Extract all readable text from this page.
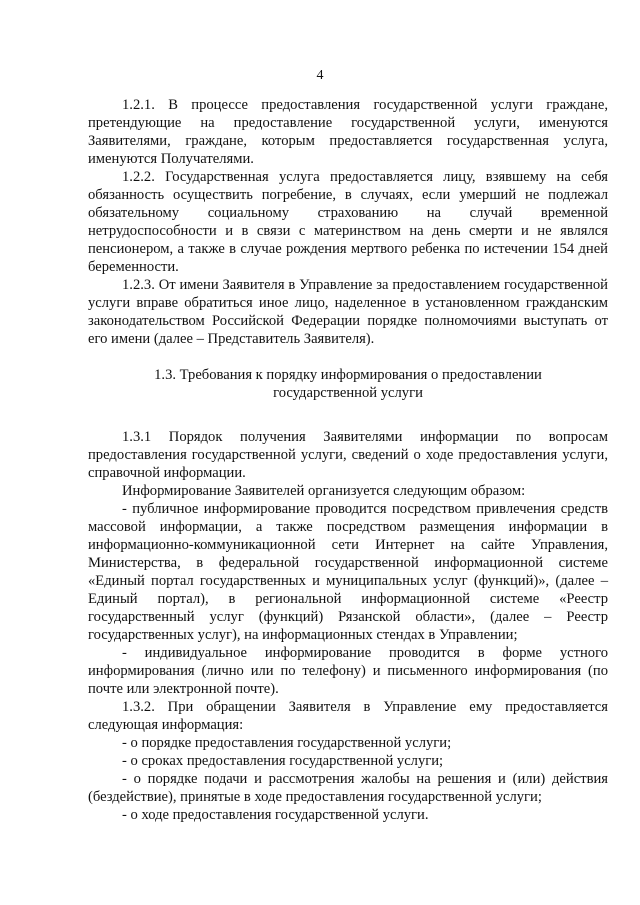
4

1.2.1. В процессе предоставления государственной услуги граждане, претендующие на предоставление государственной услуги, именуются Заявителями, граждане, которым предоставляется государственная услуга, именуются Получателями.

1.2.2. Государственная услуга предоставляется лицу, взявшему на себя обязанность осуществить погребение, в случаях, если умерший не подлежал обязательному социальному страхованию на случай временной нетрудоспособности и в связи с материнством на день смерти и не являлся пенсионером, а также в случае рождения мертвого ребенка по истечении 154 дней беременности.

1.2.3. От имени Заявителя в Управление за предоставлением государственной услуги вправе обратиться иное лицо, наделенное в установленном гражданским законодательством Российской Федерации порядке полномочиями выступать от его имени (далее – Представитель Заявителя).

1.3. Требования к порядку информирования о предоставлении государственной услуги

1.3.1 Порядок получения Заявителями информации по вопросам предоставления государственной услуги, сведений о ходе предоставления услуги, справочной информации.

Информирование Заявителей организуется следующим образом:

- публичное информирование проводится посредством привлечения средств массовой информации, а также посредством размещения информации в информационно-коммуникационной сети Интернет на сайте Управления, Министерства, в федеральной государственной информационной системе «Единый портал государственных и муниципальных услуг (функций)», (далее – Единый портал), в региональной информационной системе «Реестр государственный услуг (функций) Рязанской области», (далее – Реестр государственных услуг), на информационных стендах в Управлении;

- индивидуальное информирование проводится в форме устного информирования (лично или по телефону) и письменного информирования (по почте или электронной почте).

1.3.2. При обращении Заявителя в Управление ему предоставляется следующая информация:

- о порядке предоставления государственной услуги;

- о сроках предоставления государственной услуги;

- о порядке подачи и рассмотрения жалобы на решения и (или) действия (бездействие), принятые в ходе предоставления государственной услуги;

- о ходе предоставления государственной услуги.
